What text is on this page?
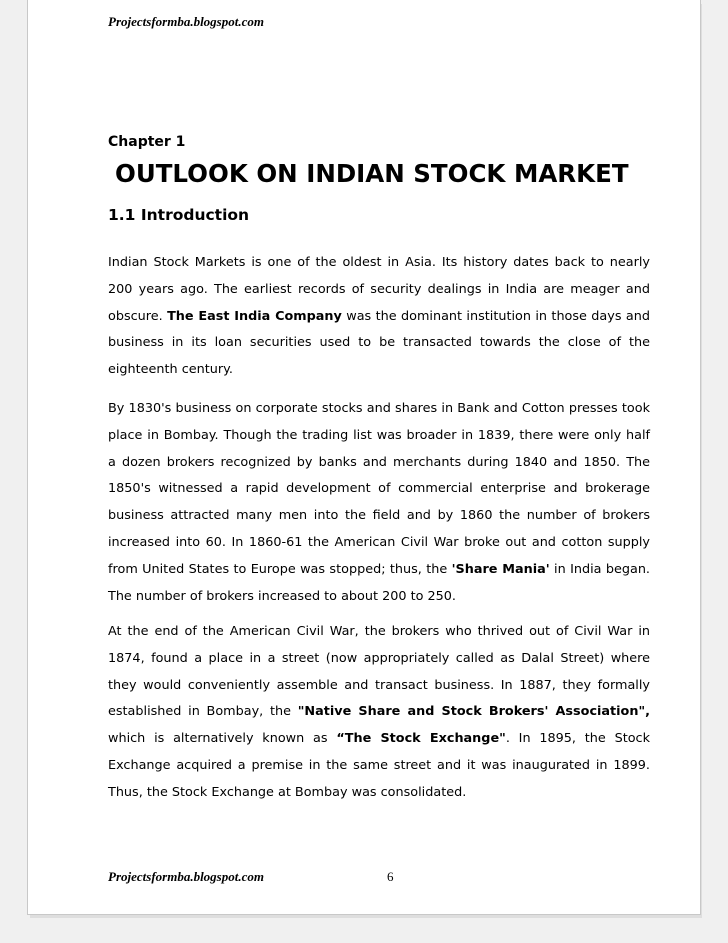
Projectsformba.blogspot.com
Chapter 1
OUTLOOK ON INDIAN STOCK MARKET
1.1 Introduction

Indian Stock Markets is one of the oldest in Asia. Its history dates back to nearly 200 years ago. The earliest records of security dealings in India are meager and obscure. The East India Company was the dominant institution in those days and business in its loan securities used to be transacted towards the close of the eighteenth century.

By 1830's business on corporate stocks and shares in Bank and Cotton presses took place in Bombay. Though the trading list was broader in 1839, there were only half a dozen brokers recognized by banks and merchants during 1840 and 1850. The 1850's witnessed a rapid development of commercial enterprise and brokerage business attracted many men into the field and by 1860 the number of brokers increased into 60. In 1860-61 the American Civil War broke out and cotton supply from United States to Europe was stopped; thus, the 'Share Mania' in India began. The number of brokers increased to about 200 to 250.

At the end of the American Civil War, the brokers who thrived out of Civil War in 1874, found a place in a street (now appropriately called as Dalal Street) where they would conveniently assemble and transact business. In 1887, they formally established in Bombay, the "Native Share and Stock Brokers' Association", which is alternatively known as “The Stock Exchange". In 1895, the Stock Exchange acquired a premise in the same street and it was inaugurated in 1899. Thus, the Stock Exchange at Bombay was consolidated.

Projectsformba.blogspot.com	6
